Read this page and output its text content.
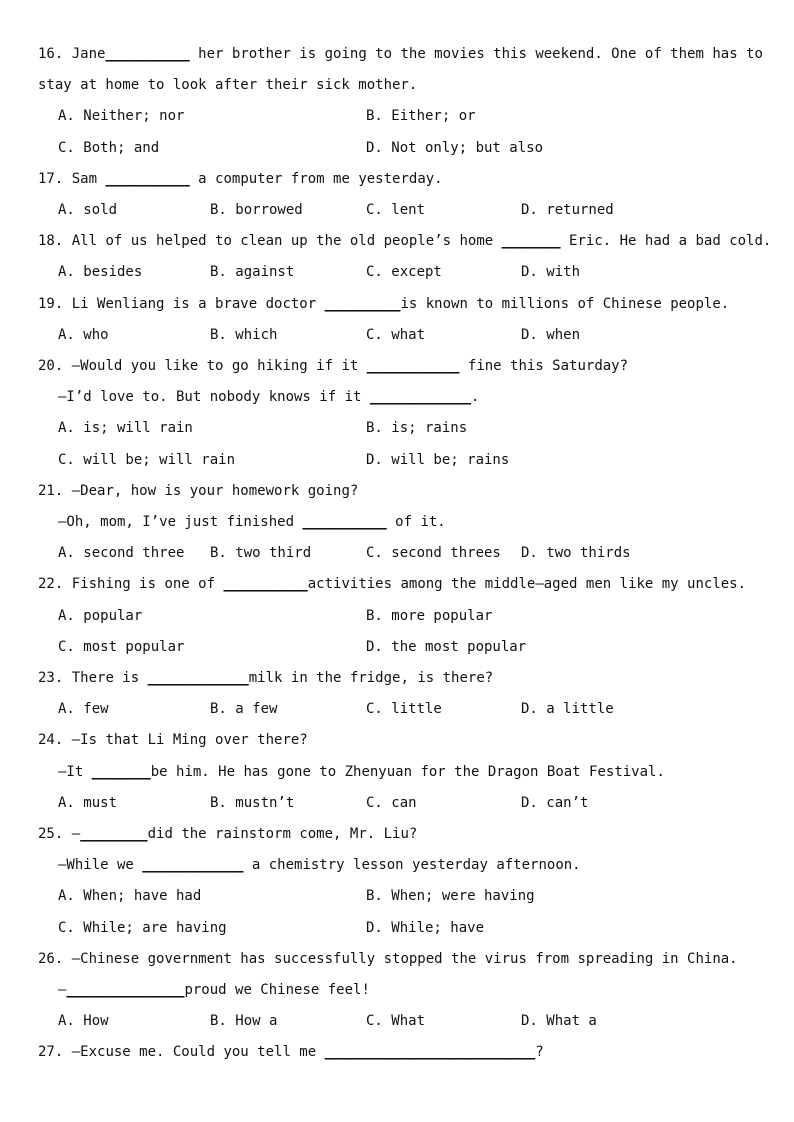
16. Jane__________ her brother is going to the movies this weekend. One of them has to
stay at home to look after their sick mother.
A. Neither; nor	B. Either; or
C. Both; and	D. Not only; but also
17. Sam __________ a computer from me yesterday.
A. sold	B. borrowed	C. lent	D. returned
18. All of us helped to clean up the old people’s home _______ Eric. He had a bad cold.
A. besides	B. against	C. except	D. with
19. Li Wenliang is a brave doctor _________is known to millions of Chinese people.
A. who	B. which	C. what	D. when
20. —Would you like to go hiking if it ___________ fine this Saturday?
—I’d love to. But nobody knows if it ____________.
A. is; will rain	B. is; rains
C. will be; will rain	D. will be; rains
21. —Dear, how is your homework going?
—Oh, mom, I’ve just finished __________ of it.
A. second three B. two third	C. second threes D. two thirds
22. Fishing is one of __________activities among the middle—aged men like my uncles.
A. popular	B. more popular
C. most popular	D. the most popular
23. There is ____________milk in the fridge, is there?
A. few	B. a few	C. little	D. a little
24. —Is that Li Ming over there?
—It _______be him. He has gone to Zhenyuan for the Dragon Boat Festival.
A. must	B. mustn’t	C. can	D. can’t
25. —________did the rainstorm come, Mr. Liu?
—While we ____________ a chemistry lesson yesterday afternoon.
A. When; have had	B. When; were having
C. While; are having	D. While; have
26. —Chinese government has successfully stopped the virus from spreading in China.
—______________proud we Chinese feel!
A. How	B. How a	C. What	D. What a
27. —Excuse me. Could you tell me _________________________?
